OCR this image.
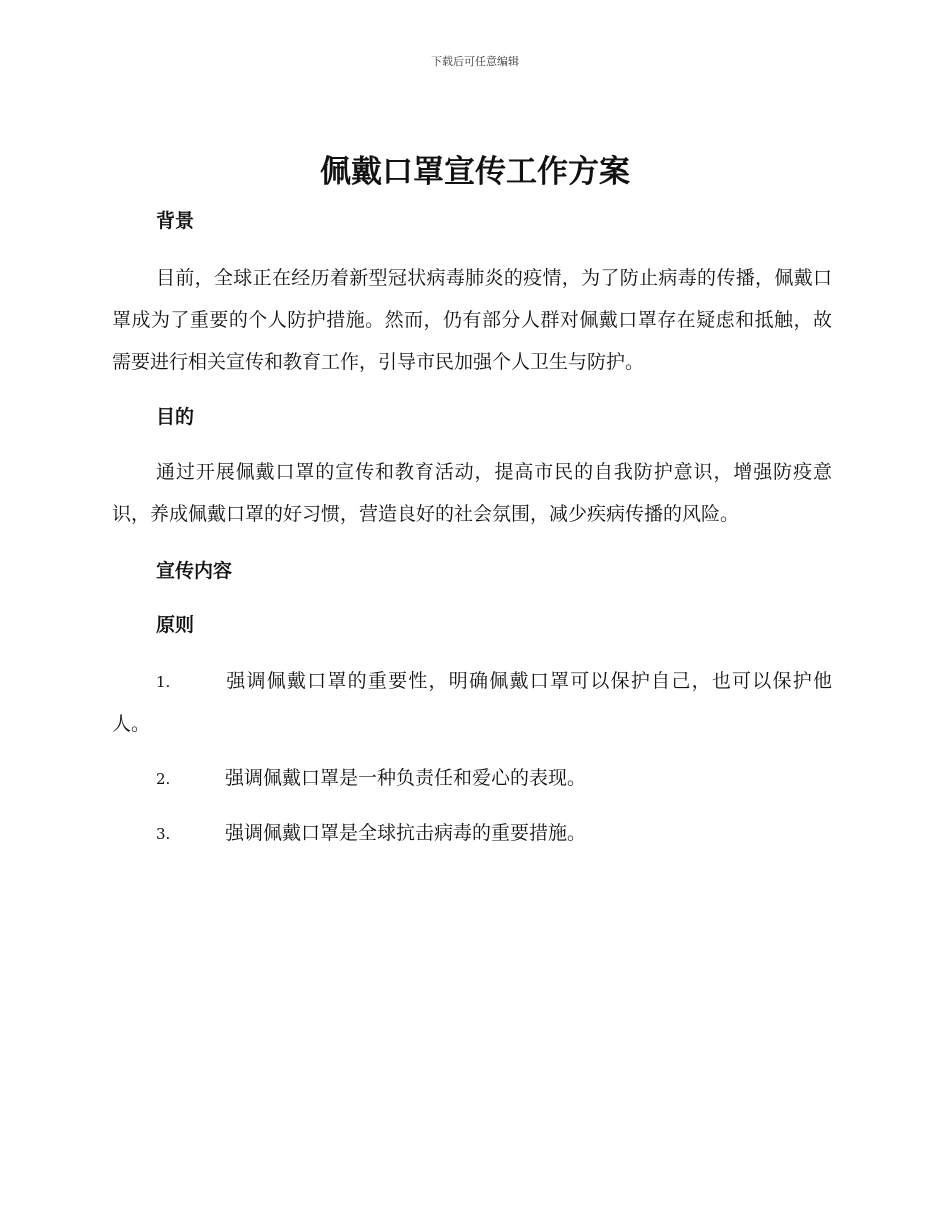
下载后可任意编辑
佩戴口罩宣传工作方案

背景

目前，全球正在经历着新型冠状病毒肺炎的疫情，为了防止病毒的传播，佩戴口罩成为了重要的个人防护措施。然而，仍有部分人群对佩戴口罩存在疑虑和抵触，故需要进行相关宣传和教育工作，引导市民加强个人卫生与防护。

目的

通过开展佩戴口罩的宣传和教育活动，提高市民的自我防护意识，增强防疫意识，养成佩戴口罩的好习惯，营造良好的社会氛围，减少疾病传播的风险。

宣传内容

原则

1.	强调佩戴口罩的重要性，明确佩戴口罩可以保护自己，也可以保护他人。

2.	强调佩戴口罩是一种负责任和爱心的表现。

3.	强调佩戴口罩是全球抗击病毒的重要措施。
